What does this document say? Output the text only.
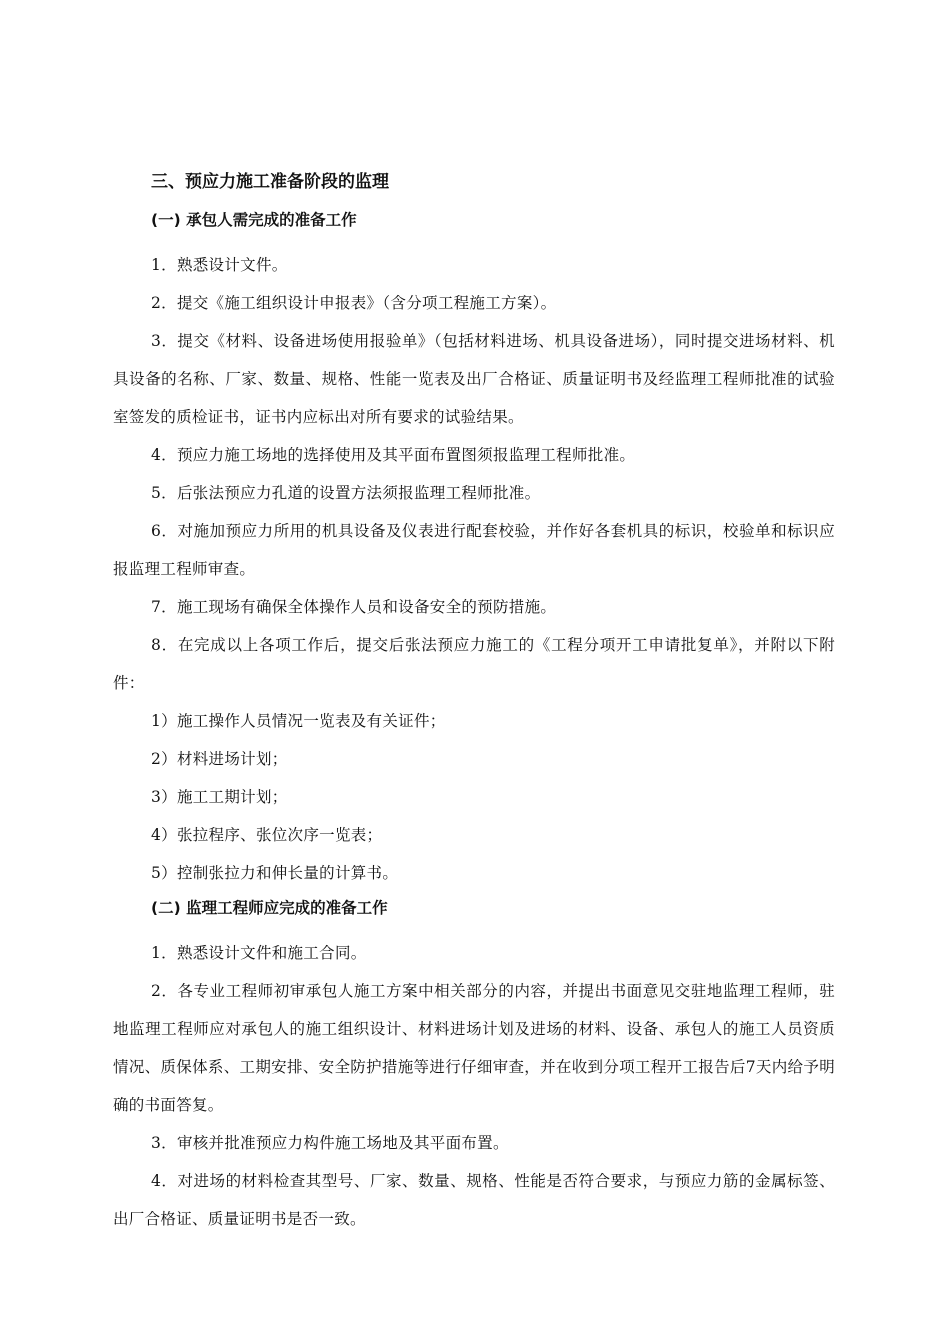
三、预应力施工准备阶段的监理
(一) 承包人需完成的准备工作

1．熟悉设计文件。

2．提交《施工组织设计申报表》（含分项工程施工方案）。

3．提交《材料、设备进场使用报验单》（包括材料进场、机具设备进场），同时提交进场材料、机具设备的名称、厂家、数量、规格、性能一览表及出厂合格证、质量证明书及经监理工程师批准的试验室签发的质检证书，证书内应标出对所有要求的试验结果。

4．预应力施工场地的选择使用及其平面布置图须报监理工程师批准。

5．后张法预应力孔道的设置方法须报监理工程师批准。

6．对施加预应力所用的机具设备及仪表进行配套校验，并作好各套机具的标识，校验单和标识应报监理工程师审查。

7．施工现场有确保全体操作人员和设备安全的预防措施。

8．在完成以上各项工作后，提交后张法预应力施工的《工程分项开工申请批复单》，并附以下附件：

1）施工操作人员情况一览表及有关证件；

2）材料进场计划；

3）施工工期计划；

4）张拉程序、张位次序一览表；

5）控制张拉力和伸长量的计算书。

(二) 监理工程师应完成的准备工作

1．熟悉设计文件和施工合同。

2．各专业工程师初审承包人施工方案中相关部分的内容，并提出书面意见交驻地监理工程师，驻地监理工程师应对承包人的施工组织设计、材料进场计划及进场的材料、设备、承包人的施工人员资质情况、质保体系、工期安排、安全防护措施等进行仔细审查，并在收到分项工程开工报告后7天内给予明确的书面答复。

3．审核并批准预应力构件施工场地及其平面布置。

4．对进场的材料检查其型号、厂家、数量、规格、性能是否符合要求，与预应力筋的金属标签、出厂合格证、质量证明书是否一致。
